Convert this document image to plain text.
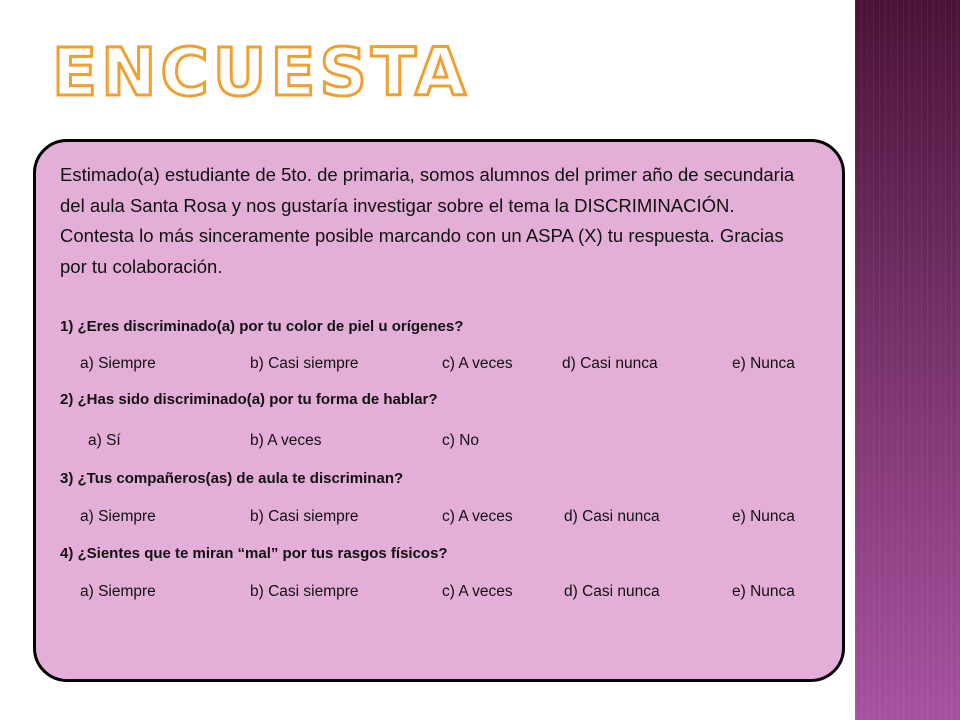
ENCUESTA

Estimado(a) estudiante de 5to. de primaria, somos alumnos del primer año de secundaria del aula Santa Rosa y nos gustaría investigar sobre el tema la DISCRIMINACIÓN. Contesta lo más sinceramente posible marcando con un ASPA (X) tu respuesta. Gracias por tu colaboración.

1) ¿Eres discriminado(a) por tu color de piel u orígenes?

a) Siempre	b) Casi siempre	c) A veces	d) Casi nunca	e) Nunca

2) ¿Has sido discriminado(a) por tu forma de hablar?

a) Sí	b) A veces	c) No

3) ¿Tus compañeros(as) de aula te discriminan?

a) Siempre	b) Casi siempre	c) A veces	d) Casi nunca	e) Nunca

4) ¿Sientes que te miran “mal” por tus rasgos físicos?

a) Siempre	b) Casi siempre	c) A veces	d) Casi nunca	e) Nunca
